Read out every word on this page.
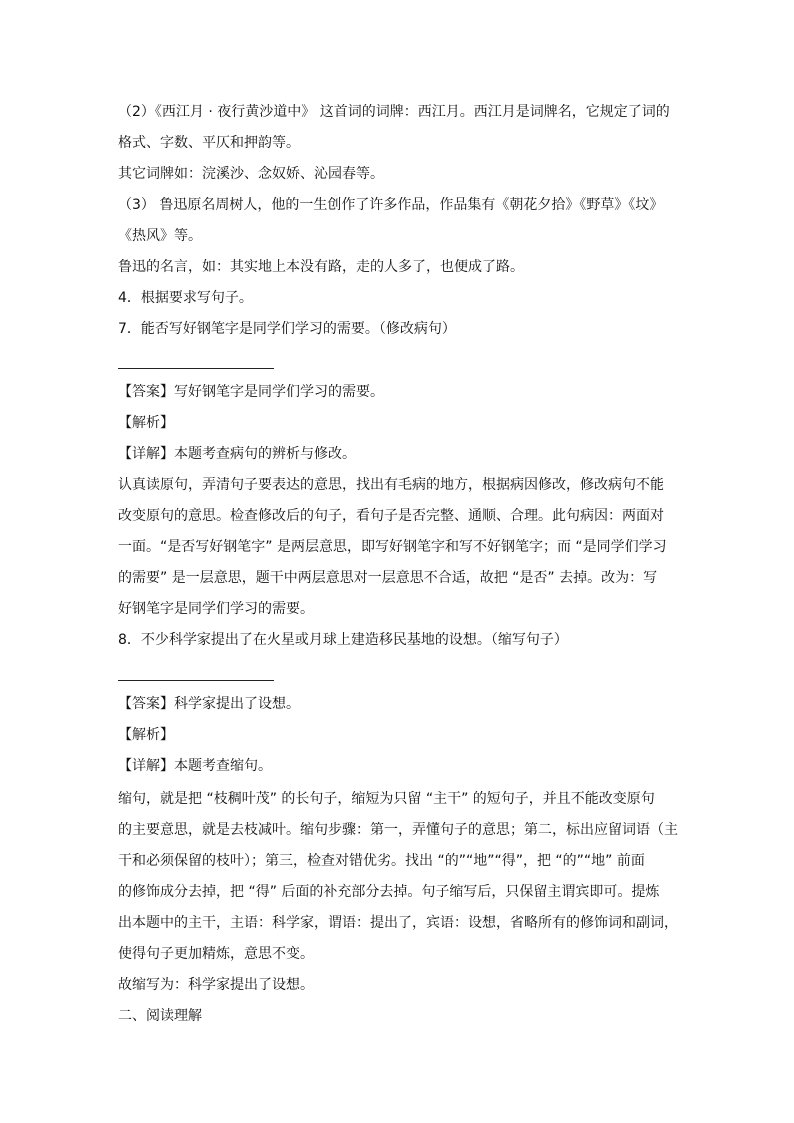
（2）《西江月 · 夜行黄沙道中》 这首词的词牌：西江月。西江月是词牌名，它规定了词的

格式、字数、平仄和押韵等。

其它词牌如：浣溪沙、念奴娇、沁园春等。

（3） 鲁迅原名周树人，他的一生创作了许多作品，作品集有《朝花夕拾》《野草》《坟》

《热风》等。

鲁迅的名言，如：其实地上本没有路，走的人多了，也便成了路。

4．根据要求写句子。

7．能否写好钢笔字是同学们学习的需要。（修改病句）

【答案】写好钢笔字是同学们学习的需要。

【解析】

【详解】本题考查病句的辨析与修改。

认真读原句，弄清句子要表达的意思，找出有毛病的地方，根据病因修改，修改病句不能

改变原句的意思。检查修改后的句子，看句子是否完整、通顺、合理。此句病因：两面对

一面。“是否写好钢笔字” 是两层意思，即写好钢笔字和写不好钢笔字；而 “是同学们学习

的需要” 是一层意思，题干中两层意思对一层意思不合适，故把 “是否” 去掉。改为：写

好钢笔字是同学们学习的需要。

8．不少科学家提出了在火星或月球上建造移民基地的设想。（缩写句子）

【答案】科学家提出了设想。

【解析】

【详解】本题考查缩句。

缩句，就是把 “枝稠叶茂” 的长句子，缩短为只留 “主干” 的短句子，并且不能改变原句

的主要意思，就是去枝减叶。缩句步骤：第一，弄懂句子的意思；第二，标出应留词语（主

干和必须保留的枝叶）；第三，检查对错优劣。找出 “的”“地”“得”，把 “的”“地” 前面

的修饰成分去掉，把 “得” 后面的补充部分去掉。句子缩写后，只保留主谓宾即可。提炼

出本题中的主干，主语：科学家，谓语：提出了，宾语：设想，省略所有的修饰词和副词，

使得句子更加精炼，意思不变。

故缩写为：科学家提出了设想。

二、阅读理解
